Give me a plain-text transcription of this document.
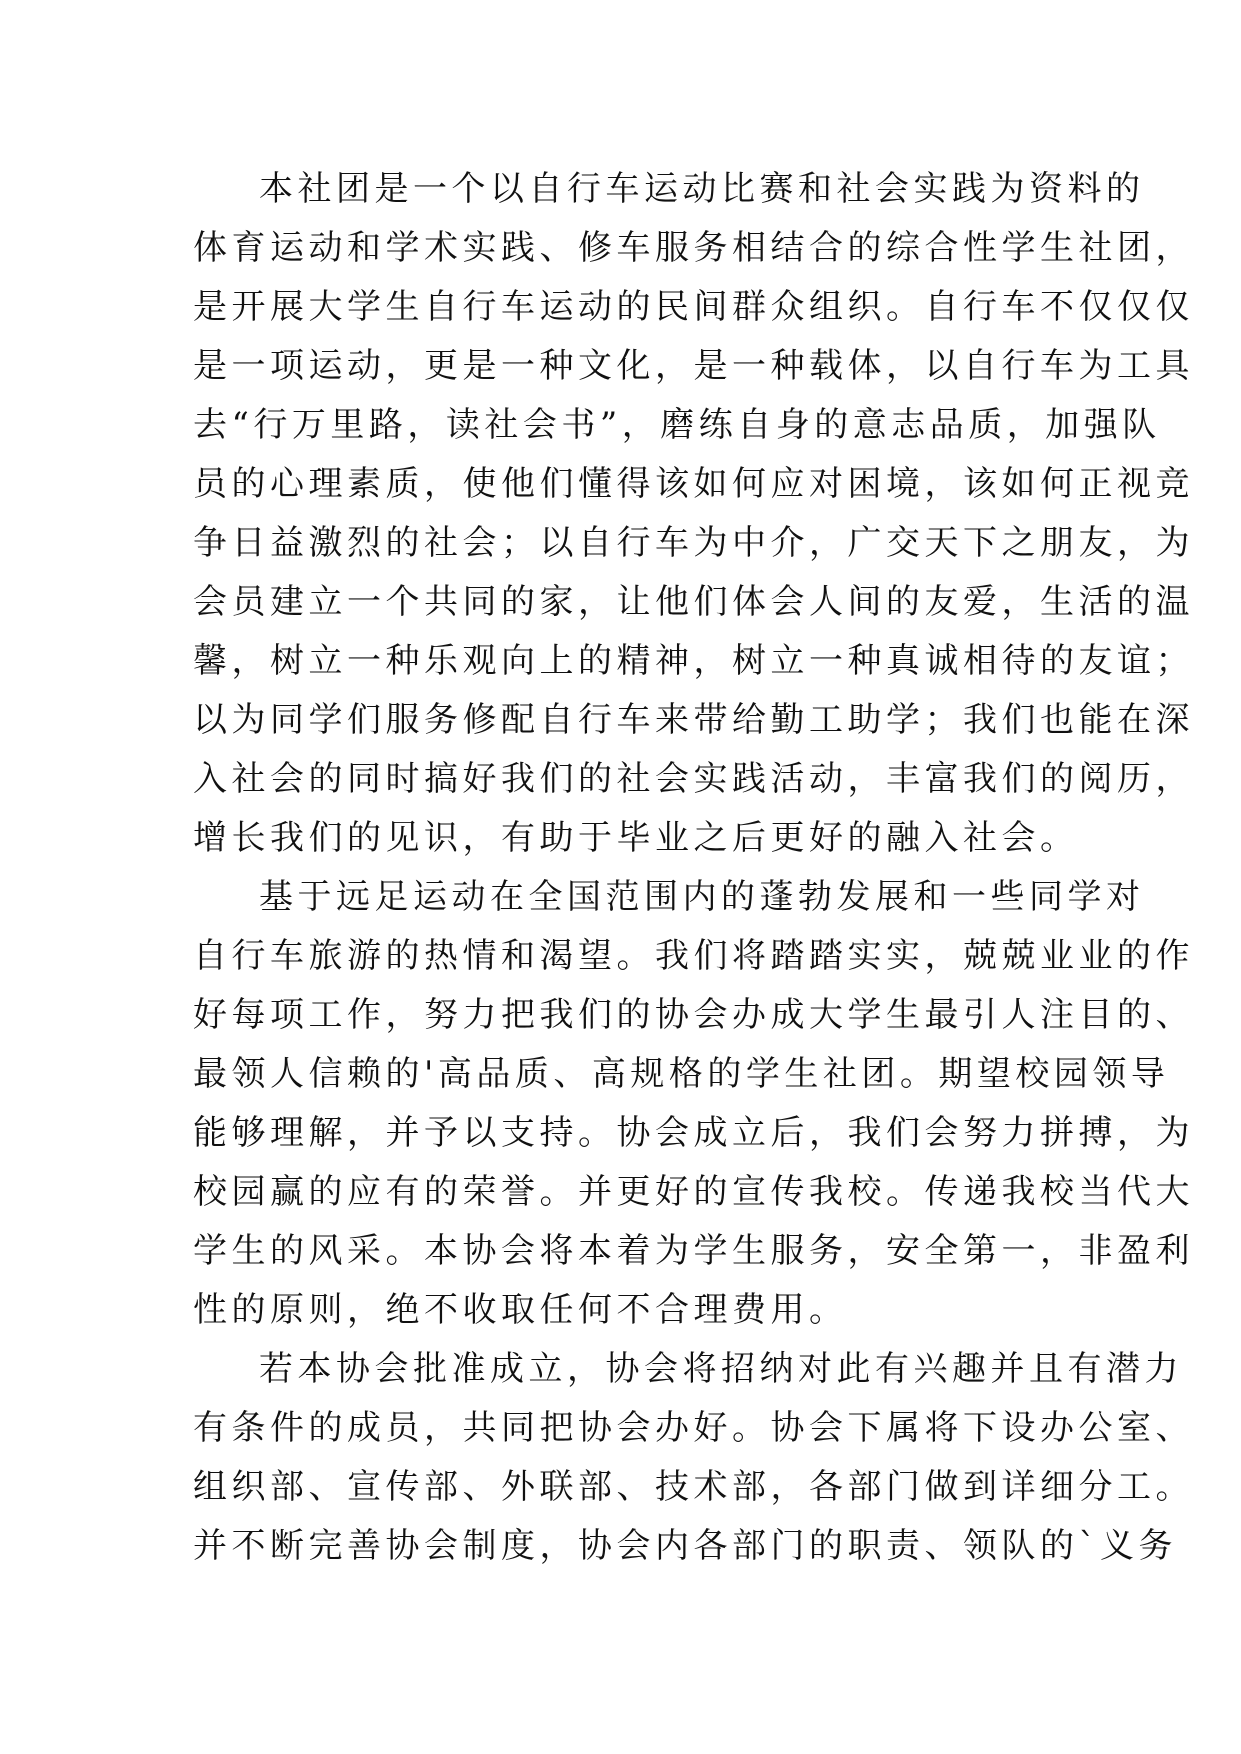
本社团是一个以自行车运动比赛和社会实践为资料的
体育运动和学术实践、修车服务相结合的综合性学生社团，
是开展大学生自行车运动的民间群众组织。自行车不仅仅仅
是一项运动，更是一种文化，是一种载体，以自行车为工具
去“行万里路，读社会书”，磨练自身的意志品质，加强队
员的心理素质，使他们懂得该如何应对困境，该如何正视竞
争日益激烈的社会；以自行车为中介，广交天下之朋友，为
会员建立一个共同的家，让他们体会人间的友爱，生活的温
馨，树立一种乐观向上的精神，树立一种真诚相待的友谊；
以为同学们服务修配自行车来带给勤工助学；我们也能在深
入社会的同时搞好我们的社会实践活动，丰富我们的阅历，
增长我们的见识，有助于毕业之后更好的融入社会。
基于远足运动在全国范围内的蓬勃发展和一些同学对
自行车旅游的热情和渴望。我们将踏踏实实，兢兢业业的作
好每项工作，努力把我们的协会办成大学生最引人注目的、
最领人信赖的'高品质、高规格的学生社团。期望校园领导
能够理解，并予以支持。协会成立后，我们会努力拼搏，为
校园赢的应有的荣誉。并更好的宣传我校。传递我校当代大
学生的风采。本协会将本着为学生服务，安全第一，非盈利
性的原则，绝不收取任何不合理费用。
若本协会批准成立，协会将招纳对此有兴趣并且有潜力
有条件的成员，共同把协会办好。协会下属将下设办公室、
组织部、宣传部、外联部、技术部，各部门做到详细分工。
并不断完善协会制度，协会内各部门的职责、领队的`义务
